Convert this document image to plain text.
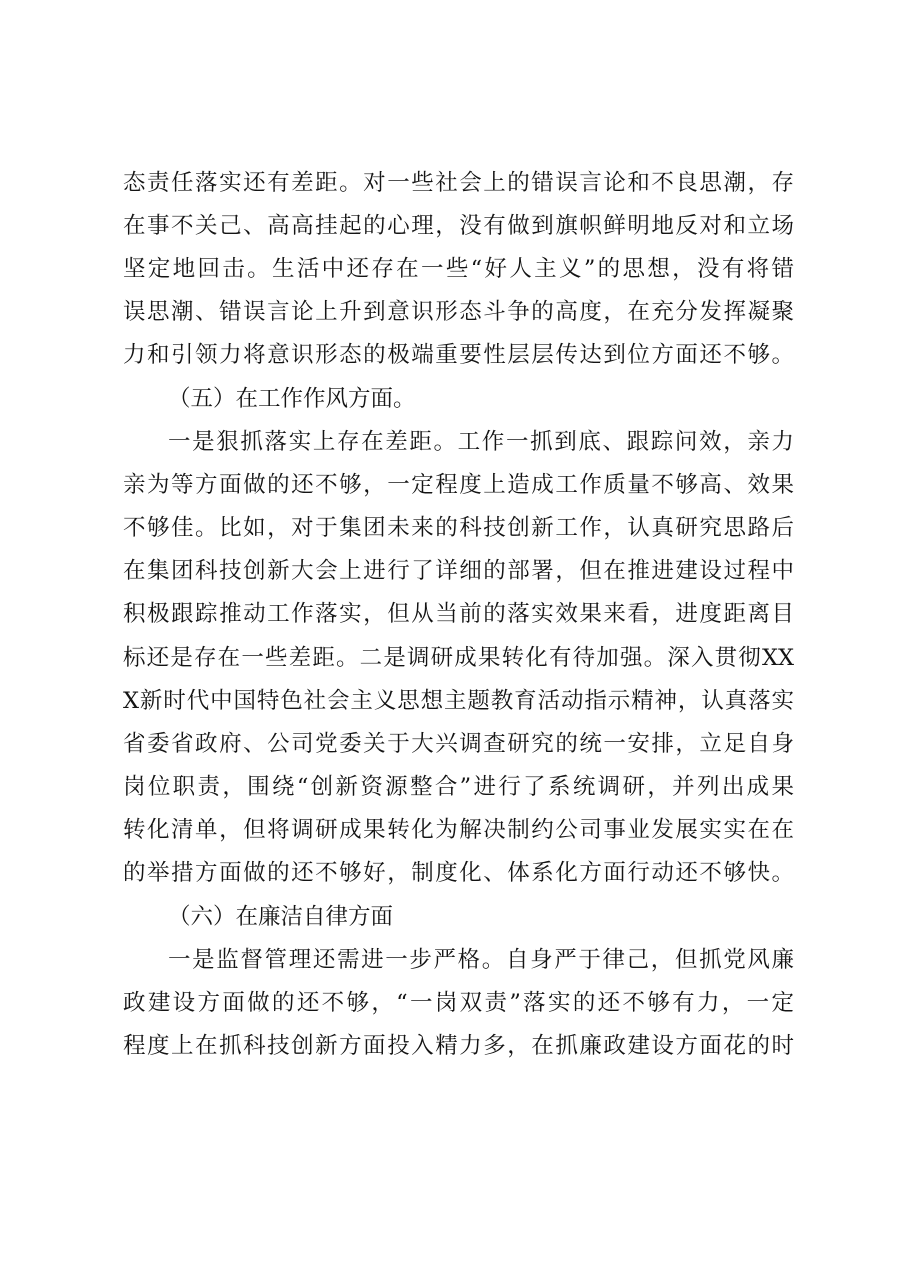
态责任落实还有差距。对一些社会上的错误言论和不良思潮，存
在事不关己、高高挂起的心理，没有做到旗帜鲜明地反对和立场
坚定地回击。生活中还存在一些“好人主义”的思想，没有将错
误思潮、错误言论上升到意识形态斗争的高度，在充分发挥凝聚
力和引领力将意识形态的极端重要性层层传达到位方面还不够。
（五）在工作作风方面。
一是狠抓落实上存在差距。工作一抓到底、跟踪问效，亲力
亲为等方面做的还不够，一定程度上造成工作质量不够高、效果
不够佳。比如，对于集团未来的科技创新工作，认真研究思路后
在集团科技创新大会上进行了详细的部署，但在推进建设过程中
积极跟踪推动工作落实，但从当前的落实效果来看，进度距离目
标还是存在一些差距。二是调研成果转化有待加强。深入贯彻XX
X新时代中国特色社会主义思想主题教育活动指示精神，认真落实
省委省政府、公司党委关于大兴调查研究的统一安排，立足自身
岗位职责，围绕“创新资源整合”进行了系统调研，并列出成果
转化清单，但将调研成果转化为解决制约公司事业发展实实在在
的举措方面做的还不够好，制度化、体系化方面行动还不够快。
（六）在廉洁自律方面
一是监督管理还需进一步严格。自身严于律己，但抓党风廉
政建设方面做的还不够，“一岗双责”落实的还不够有力，一定
程度上在抓科技创新方面投入精力多，在抓廉政建设方面花的时
